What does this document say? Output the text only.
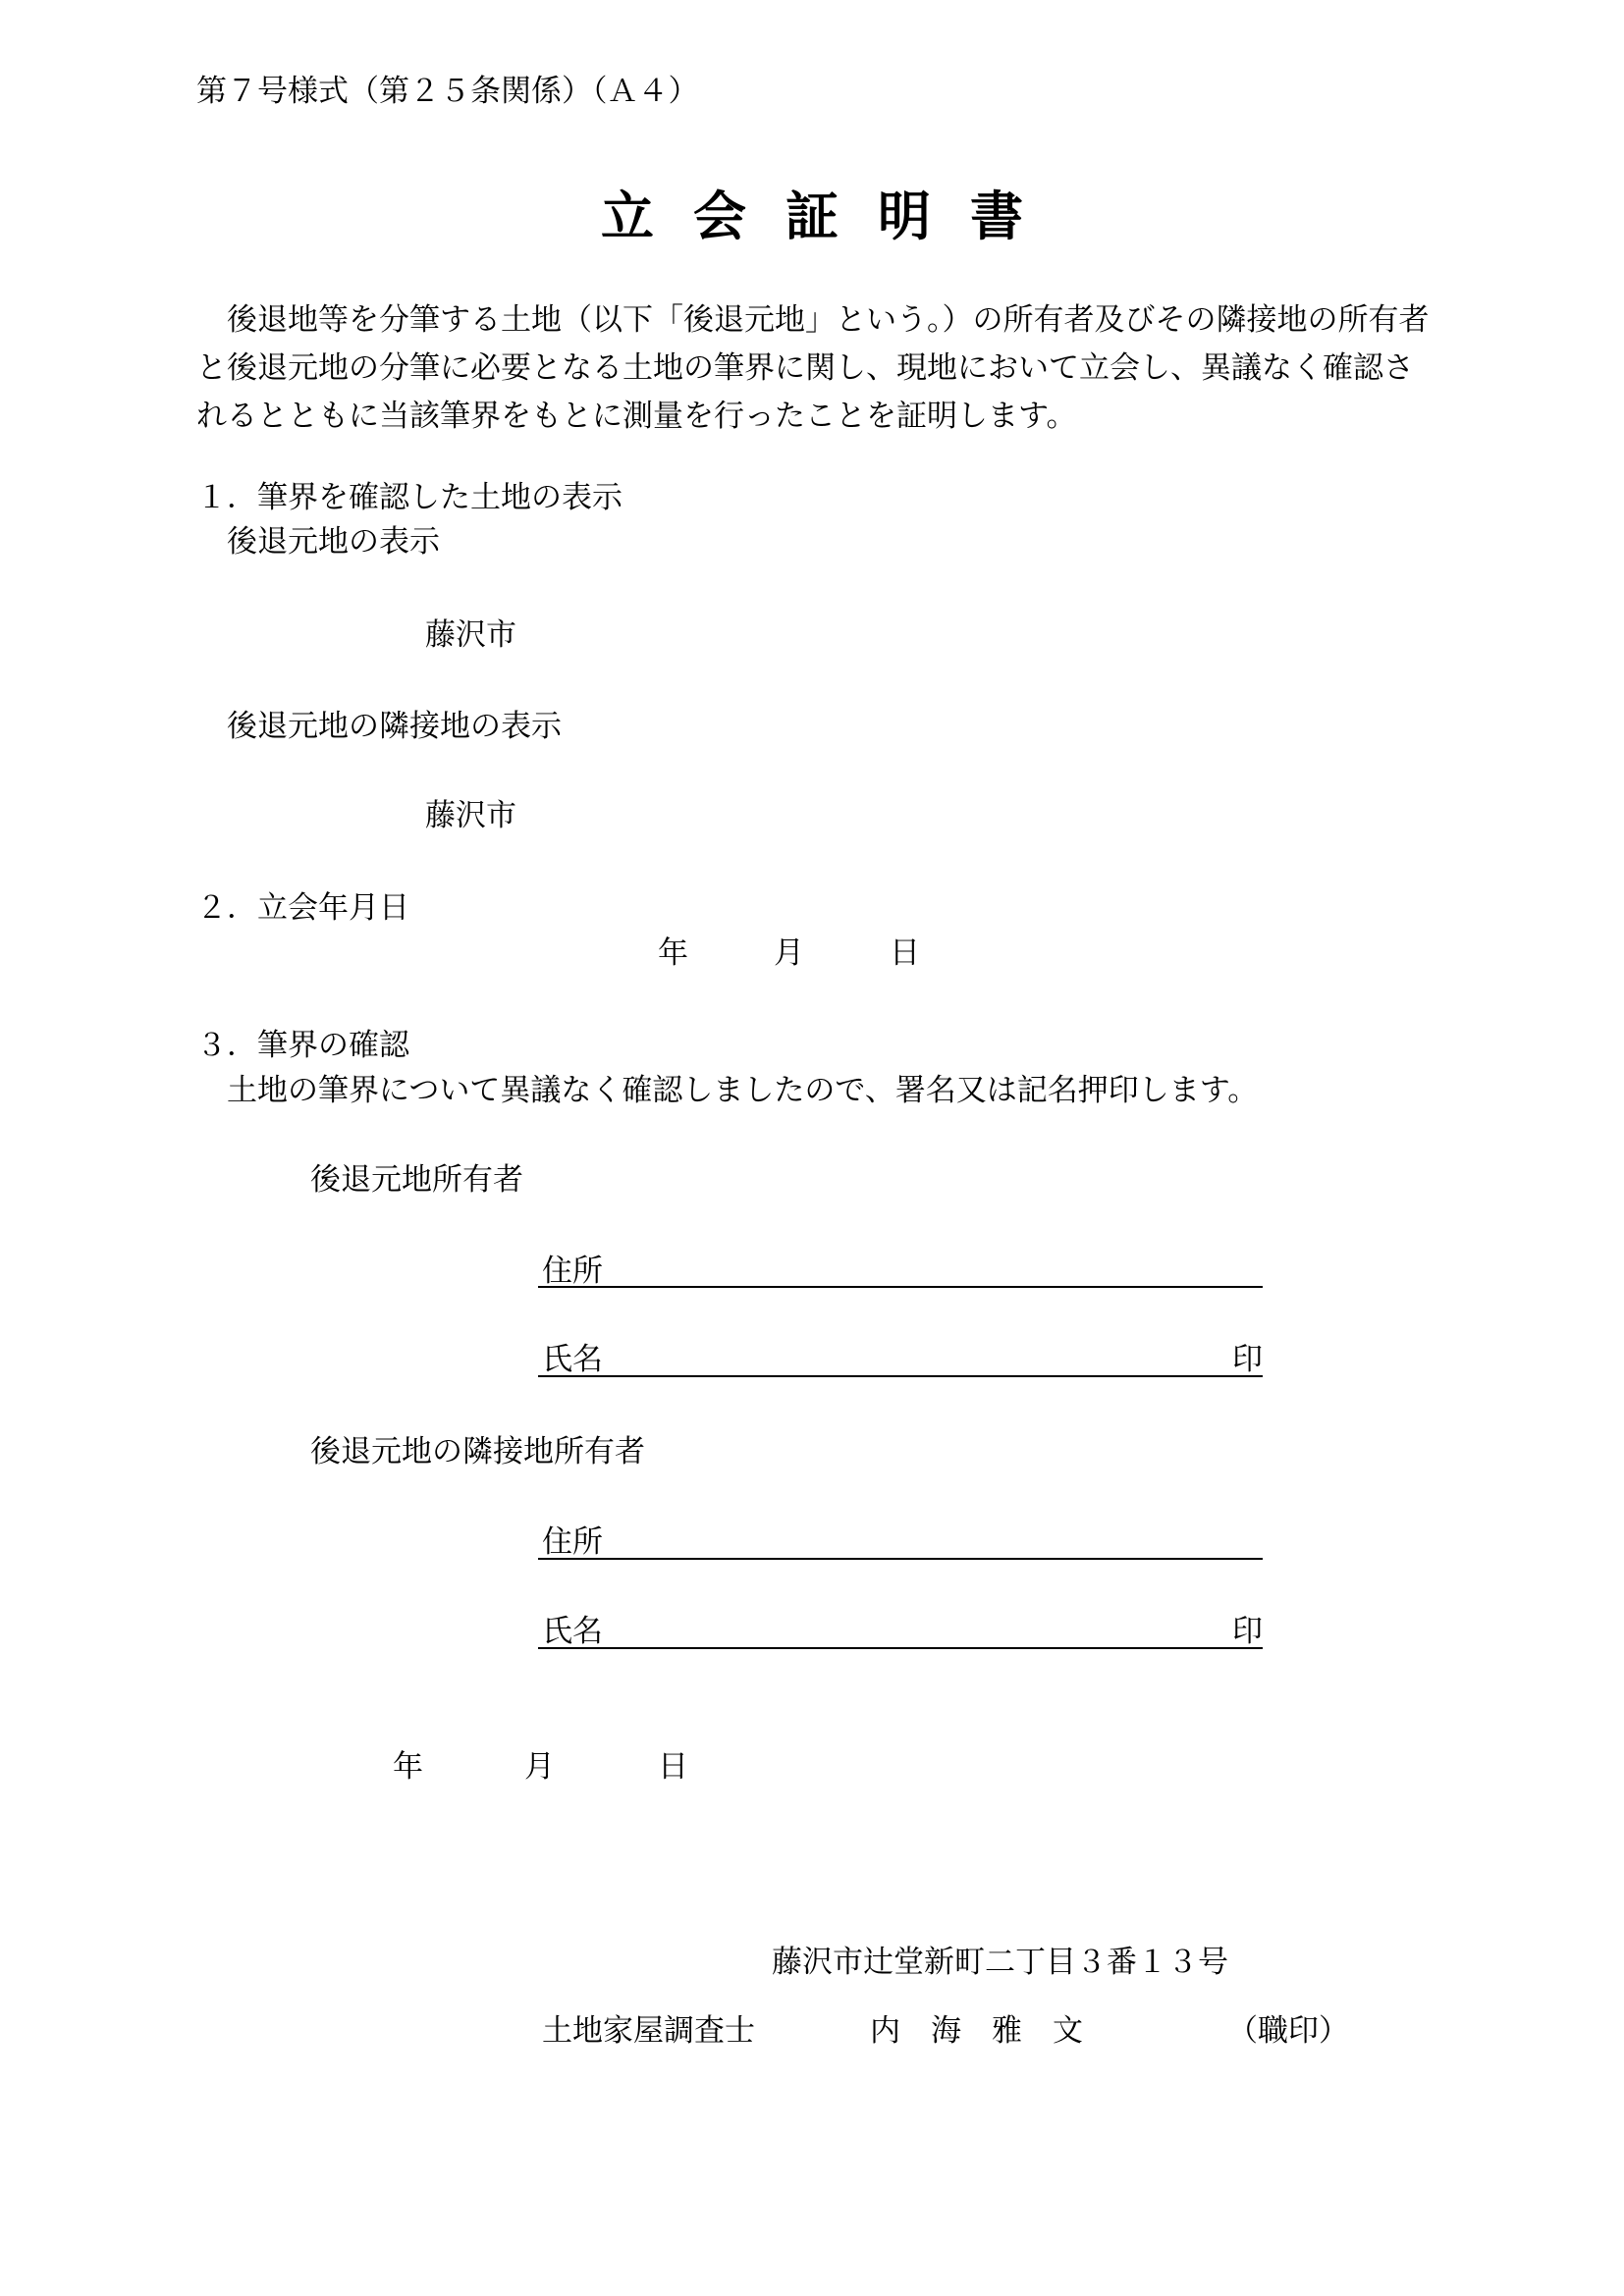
第７号様式（第２５条関係）（Ａ４）
立会証明書
後退地等を分筆する土地（以下「後退元地」という。）の所有者及びその隣接地の所有者と後退元地の分筆に必要となる土地の筆界に関し、現地において立会し、異議なく確認されるとともに当該筆界をもとに測量を行ったことを証明します。
１．筆界を確認した土地の表示
後退元地の表示
藤沢市
後退元地の隣接地の表示
藤沢市
２．立会年月日
年	月	日
３．筆界の確認
土地の筆界について異議なく確認しましたので、署名又は記名押印します。
後退元地所有者
住所
氏名	印
後退元地の隣接地所有者
住所
氏名	印
年	月	日
藤沢市辻堂新町二丁目３番１３号
土地家屋調査士	内　海　雅　文	（職印）
